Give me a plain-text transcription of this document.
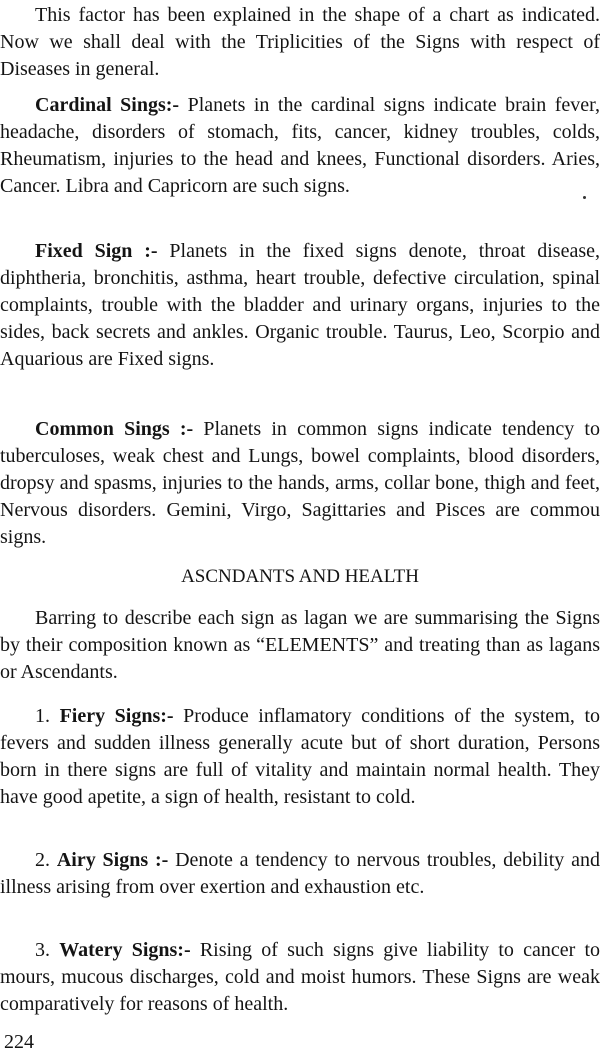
This factor has been explained in the shape of a chart as indicated. Now we shall deal with the Triplicities of the Signs with respect of Diseases in general.

Cardinal Sings:- Planets in the cardinal signs indicate brain fever, headache, disorders of stomach, fits, cancer, kidney troubles, colds, Rheumatism, injuries to the head and knees, Functional disorders. Aries, Cancer. Libra and Capricorn are such signs.

Fixed Sign :- Planets in the fixed signs denote, throat disease, diphtheria, bronchitis, asthma, heart trouble, defective circulation, spinal complaints, trouble with the bladder and urinary organs, injuries to the sides, back secrets and ankles. Organic trouble. Taurus, Leo, Scorpio and Aquarious are Fixed signs.

Common Sings :- Planets in common signs indicate tendency to tuberculoses, weak chest and Lungs, bowel complaints, blood disorders, dropsy and spasms, injuries to the hands, arms, collar bone, thigh and feet, Nervous disorders. Gemini, Virgo, Sagittaries and Pisces are commou signs.

ASCNDANTS AND HEALTH

Barring to describe each sign as lagan we are summarising the Signs by their composition known as “ELEMENTS” and treating than as lagans or Ascendants.

1. Fiery Signs:- Produce inflamatory conditions of the system, to fevers and sudden illness generally acute but of short duration, Persons born in there signs are full of vitality and maintain normal health. They have good apetite, a sign of health, resistant to cold.

2. Airy Signs :- Denote a tendency to nervous troubles, debility and illness arising from over exertion and exhaustion etc.

3. Watery Signs:- Rising of such signs give liability to cancer to mours, mucous discharges, cold and moist humors. These Signs are weak comparatively for reasons of health.

224
